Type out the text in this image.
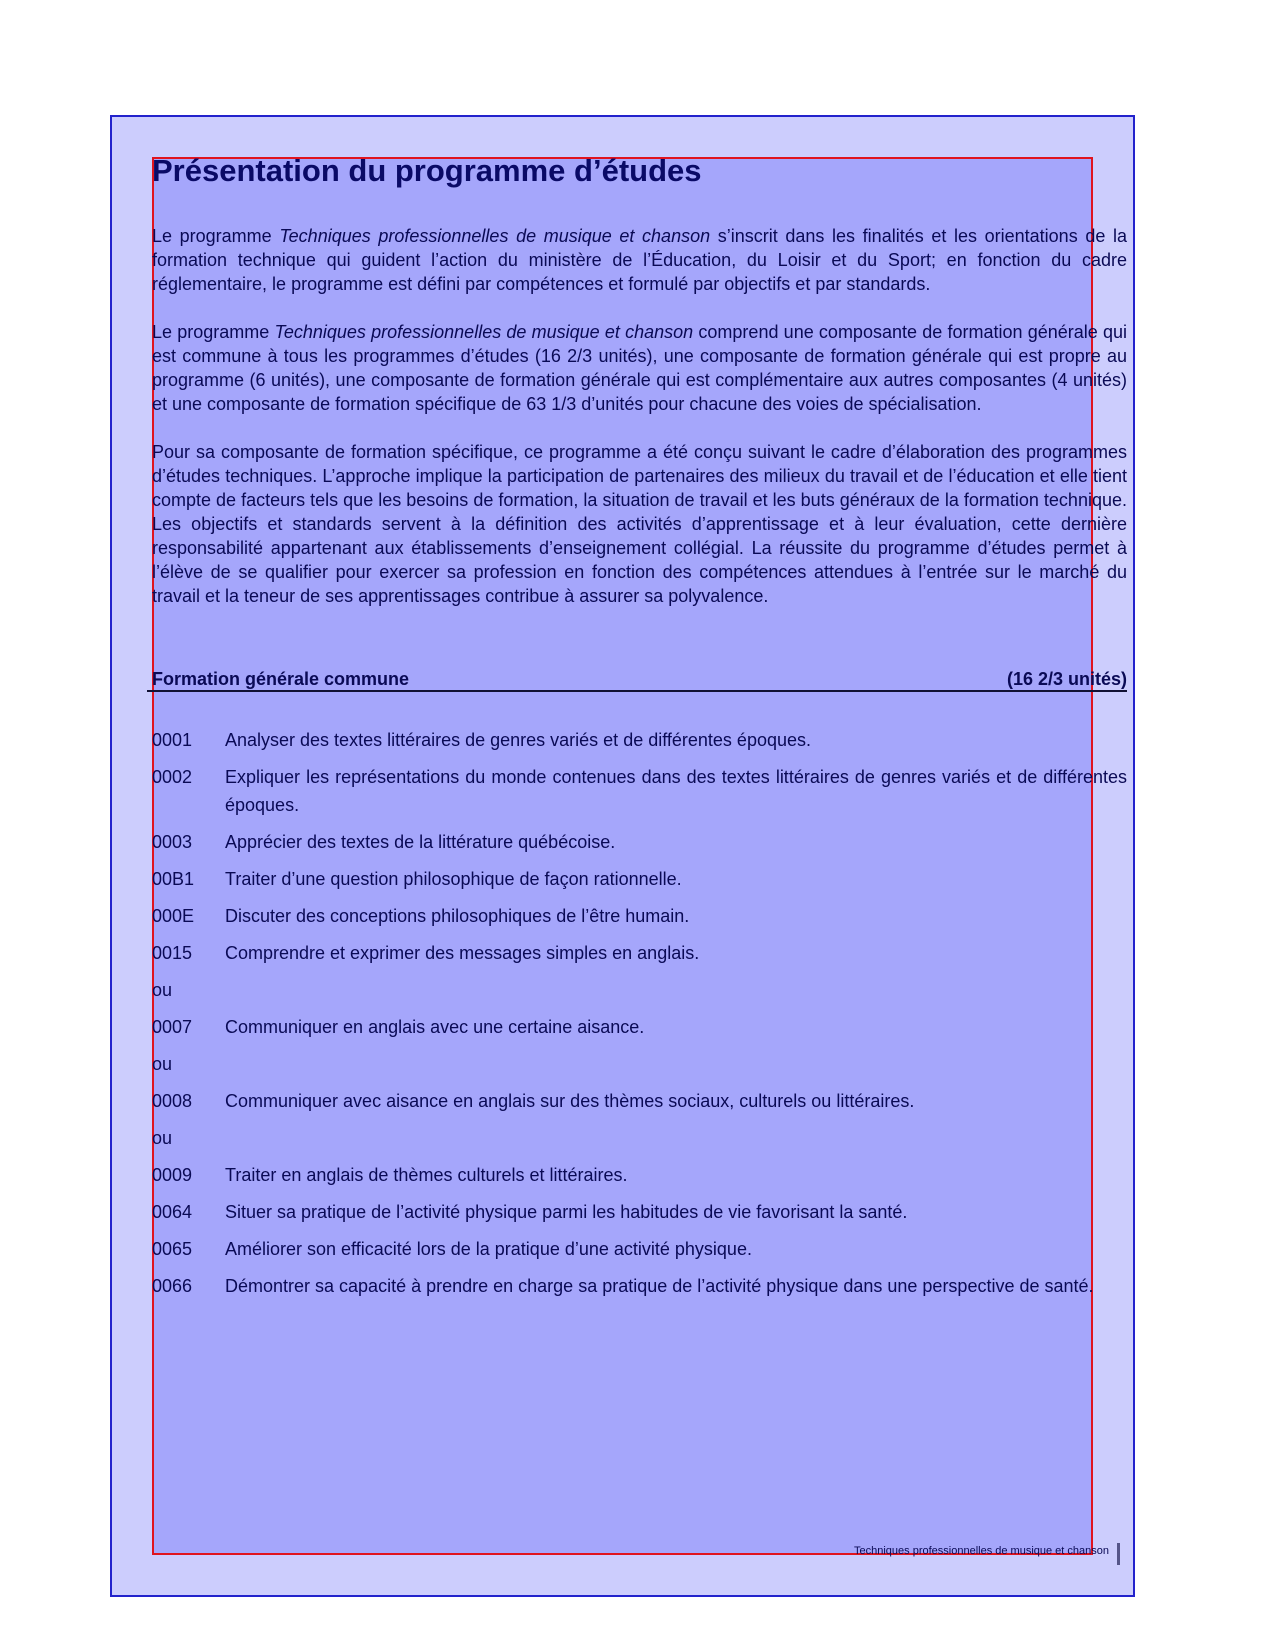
Présentation du programme d’études

Le programme Techniques professionnelles de musique et chanson s’inscrit dans les finalités et les orientations de la formation technique qui guident l’action du ministère de l’Éducation, du Loisir et du Sport; en fonction du cadre réglementaire, le programme est défini par compétences et formulé par objectifs et par standards.

Le programme Techniques professionnelles de musique et chanson comprend une composante de formation générale qui est commune à tous les programmes d’études (16 2/3 unités), une composante de formation générale qui est propre au programme (6 unités), une composante de formation générale qui est complémentaire aux autres composantes (4 unités) et une composante de formation spécifique de 63 1/3 d’unités pour chacune des voies de spécialisation.

Pour sa composante de formation spécifique, ce programme a été conçu suivant le cadre d’élaboration des programmes d’études techniques. L’approche implique la participation de partenaires des milieux du travail et de l’éducation et elle tient compte de facteurs tels que les besoins de formation, la situation de travail et les buts généraux de la formation technique. Les objectifs et standards servent à la définition des activités d’apprentissage et à leur évaluation, cette dernière responsabilité appartenant aux établissements d’enseignement collégial. La réussite du programme d’études permet à l’élève de se qualifier pour exercer sa profession en fonction des compétences attendues à l’entrée sur le marché du travail et la teneur de ses apprentissages contribue à assurer sa polyvalence.

Formation générale commune	(16 2/3 unités)
0001	Analyser des textes littéraires de genres variés et de différentes époques.
0002	Expliquer les représentations du monde contenues dans des textes littéraires de genres variés et de différentes époques.
0003	Apprécier des textes de la littérature québécoise.
00B1	Traiter d’une question philosophique de façon rationnelle.
000E	Discuter des conceptions philosophiques de l’être humain.
0015	Comprendre et exprimer des messages simples en anglais.
ou
0007	Communiquer en anglais avec une certaine aisance.
ou
0008	Communiquer avec aisance en anglais sur des thèmes sociaux, culturels ou littéraires.
ou
0009	Traiter en anglais de thèmes culturels et littéraires.
0064	Situer sa pratique de l’activité physique parmi les habitudes de vie favorisant la santé.
0065	Améliorer son efficacité lors de la pratique d’une activité physique.
0066	Démontrer sa capacité à prendre en charge sa pratique de l’activité physique dans une perspective de santé.
Techniques professionnelles de musique et chanson
